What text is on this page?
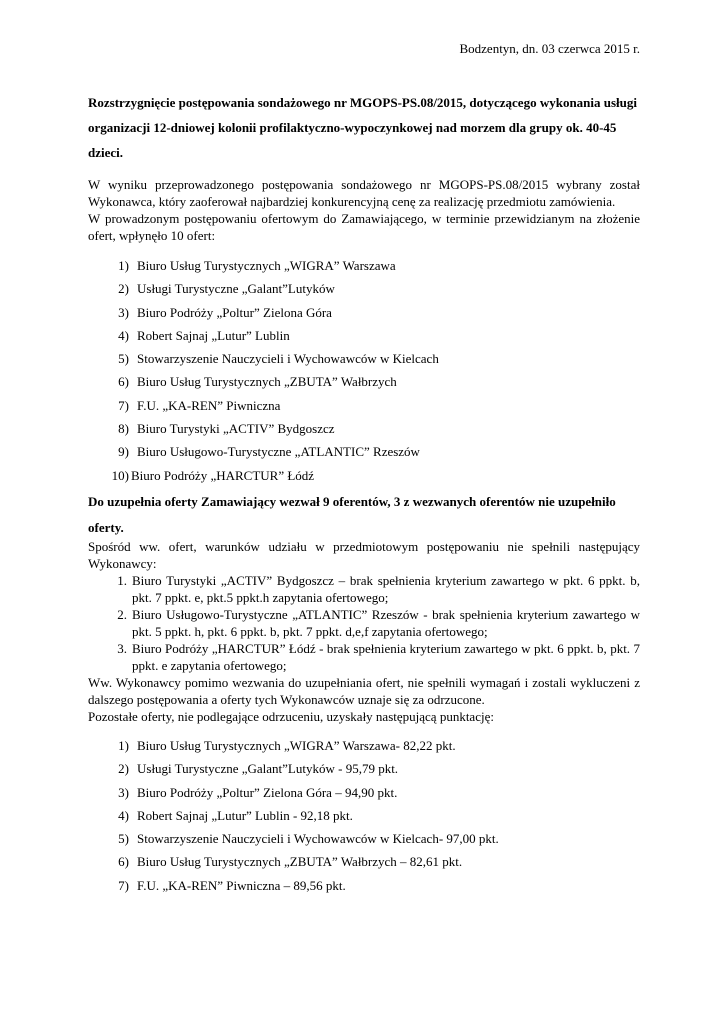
Bodzentyn, dn. 03 czerwca 2015 r.
Rozstrzygnięcie postępowania sondażowego nr MGOPS-PS.08/2015, dotyczącego wykonania usługi organizacji 12-dniowej kolonii profilaktyczno-wypoczynkowej nad morzem dla grupy ok. 40-45 dzieci.

W wyniku przeprowadzonego postępowania sondażowego nr MGOPS-PS.08/2015 wybrany został Wykonawca, który zaoferował najbardziej konkurencyjną cenę za realizację przedmiotu zamówienia.

W prowadzonym postępowaniu ofertowym do Zamawiającego, w terminie przewidzianym na złożenie ofert, wpłynęło 10 ofert:

1) Biuro Usług Turystycznych „WIGRA” Warszawa
2) Usługi Turystyczne „Galant”Lutyków
3) Biuro Podróży „Poltur” Zielona Góra
4) Robert Sajnaj „Lutur” Lublin
5) Stowarzyszenie Nauczycieli i Wychowawców w Kielcach
6) Biuro Usług Turystycznych „ZBUTA” Wałbrzych
7) F.U. „KA-REN” Piwniczna
8) Biuro Turystyki „ACTIV” Bydgoszcz
9) Biuro Usługowo-Turystyczne „ATLANTIC” Rzeszów
10) Biuro Podróży „HARCTUR” Łódź
Do uzupełnia oferty Zamawiający wezwał 9 oferentów, 3 z wezwanych oferentów nie uzupełniło oferty.

Spośród ww. ofert, warunków udziału w przedmiotowym postępowaniu nie spełnili następujący Wykonawcy:

1. Biuro Turystyki „ACTIV” Bydgoszcz – brak spełnienia kryterium zawartego w pkt. 6 ppkt. b, pkt. 7 ppkt. e, pkt.5 ppkt.h zapytania ofertowego;
2. Biuro Usługowo-Turystyczne „ATLANTIC” Rzeszów - brak spełnienia kryterium zawartego w pkt. 5 ppkt. h, pkt. 6 ppkt. b, pkt. 7 ppkt. d,e,f zapytania ofertowego;
3. Biuro Podróży „HARCTUR” Łódź - brak spełnienia kryterium zawartego w pkt. 6 ppkt. b, pkt. 7 ppkt. e zapytania ofertowego;

Ww. Wykonawcy pomimo wezwania do uzupełniania ofert, nie spełnili wymagań i zostali wykluczeni z dalszego postępowania a oferty tych Wykonawców uznaje się za odrzucone.

Pozostałe oferty, nie podlegające odrzuceniu, uzyskały następującą punktację:

1) Biuro Usług Turystycznych „WIGRA” Warszawa- 82,22 pkt.
2) Usługi Turystyczne „Galant”Lutyków - 95,79 pkt.
3) Biuro Podróży „Poltur” Zielona Góra – 94,90 pkt.
4) Robert Sajnaj „Lutur” Lublin - 92,18 pkt.
5) Stowarzyszenie Nauczycieli i Wychowawców w Kielcach- 97,00 pkt.
6) Biuro Usług Turystycznych „ZBUTA” Wałbrzych – 82,61 pkt.
7) F.U. „KA-REN” Piwniczna – 89,56 pkt.
